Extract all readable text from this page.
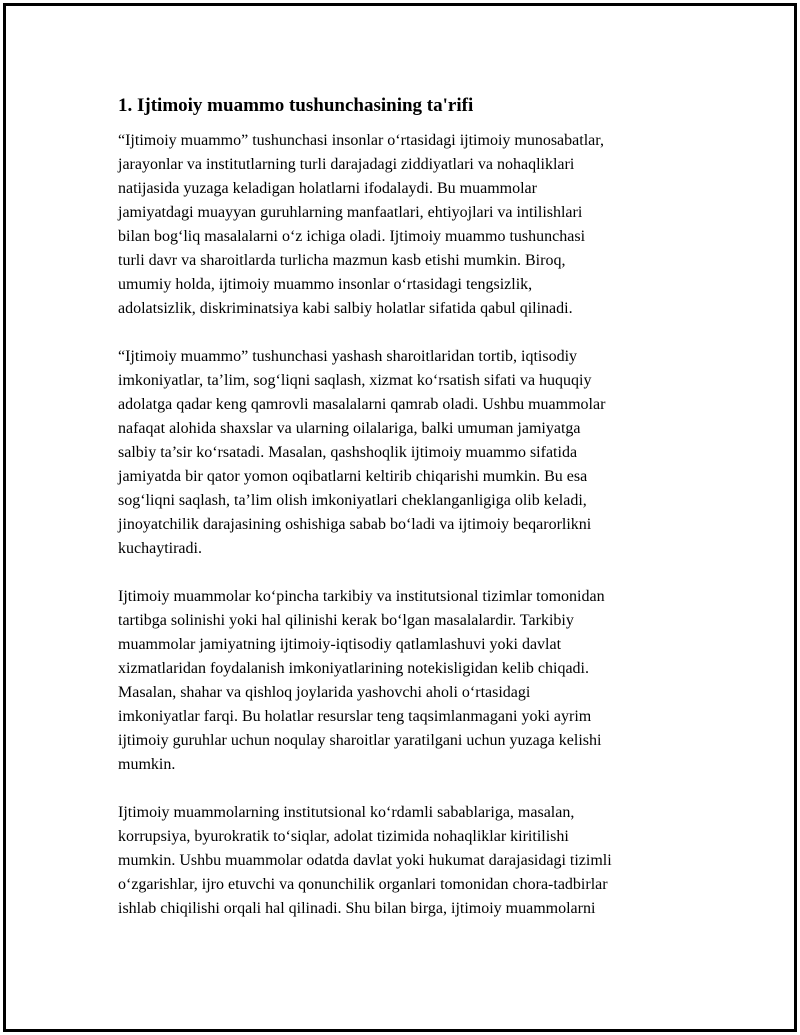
1. Ijtimoiy muammo tushunchasining ta'rifi

“Ijtimoiy muammo” tushunchasi insonlar o‘rtasidagi ijtimoiy munosabatlar,
jarayonlar va institutlarning turli darajadagi ziddiyatlari va nohaqliklari
natijasida yuzaga keladigan holatlarni ifodalaydi. Bu muammolar
jamiyatdagi muayyan guruhlarning manfaatlari, ehtiyojlari va intilishlari
bilan bog‘liq masalalarni o‘z ichiga oladi. Ijtimoiy muammo tushunchasi
turli davr va sharoitlarda turlicha mazmun kasb etishi mumkin. Biroq,
umumiy holda, ijtimoiy muammo insonlar o‘rtasidagi tengsizlik,
adolatsizlik, diskriminatsiya kabi salbiy holatlar sifatida qabul qilinadi.

“Ijtimoiy muammo” tushunchasi yashash sharoitlaridan tortib, iqtisodiy
imkoniyatlar, ta’lim, sog‘liqni saqlash, xizmat ko‘rsatish sifati va huquqiy
adolatga qadar keng qamrovli masalalarni qamrab oladi. Ushbu muammolar
nafaqat alohida shaxslar va ularning oilalariga, balki umuman jamiyatga
salbiy ta’sir ko‘rsatadi. Masalan, qashshoqlik ijtimoiy muammo sifatida
jamiyatda bir qator yomon oqibatlarni keltirib chiqarishi mumkin. Bu esa
sog‘liqni saqlash, ta’lim olish imkoniyatlari cheklanganligiga olib keladi,
jinoyatchilik darajasining oshishiga sabab bo‘ladi va ijtimoiy beqarorlikni
kuchaytiradi.

Ijtimoiy muammolar ko‘pincha tarkibiy va institutsional tizimlar tomonidan
tartibga solinishi yoki hal qilinishi kerak bo‘lgan masalalardir. Tarkibiy
muammolar jamiyatning ijtimoiy-iqtisodiy qatlamlashuvi yoki davlat
xizmatlaridan foydalanish imkoniyatlarining notekisligidan kelib chiqadi.
Masalan, shahar va qishloq joylarida yashovchi aholi o‘rtasidagi
imkoniyatlar farqi. Bu holatlar resurslar teng taqsimlanmagani yoki ayrim
ijtimoiy guruhlar uchun noqulay sharoitlar yaratilgani uchun yuzaga kelishi
mumkin.

Ijtimoiy muammolarning institutsional ko‘rdamli sabablariga, masalan,
korrupsiya, byurokratik to‘siqlar, adolat tizimida nohaqliklar kiritilishi
mumkin. Ushbu muammolar odatda davlat yoki hukumat darajasidagi tizimli
o‘zgarishlar, ijro etuvchi va qonunchilik organlari tomonidan chora-tadbirlar
ishlab chiqilishi orqali hal qilinadi. Shu bilan birga, ijtimoiy muammolarni
